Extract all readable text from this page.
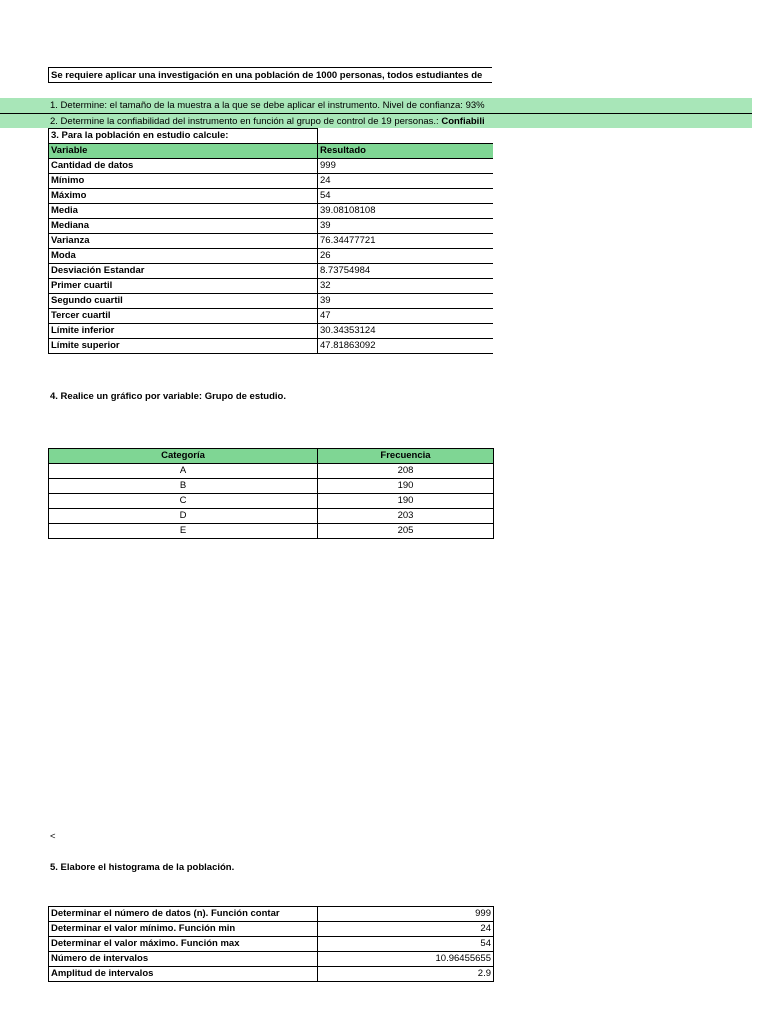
Se requiere aplicar una investigación en una población de 1000 personas, todos estudiantes de
1. Determine: el tamaño de la muestra a la que se debe aplicar el instrumento. Nivel de confianza: 93%
2. Determine la confiabilidad del instrumento en función al grupo de control de 19 personas.: Confiabili
3. Para la población en estudio calcule:	
Variable	Resultado
Cantidad de datos	999
Mínimo	24
Máximo	54
Media	39.08108108
Mediana	39
Varianza	76.34477721
Moda	26
Desviación Estandar	8.73754984
Primer cuartil	32
Segundo cuartil	39
Tercer cuartil	47
Límite inferior	30.34353124
Límite superior	47.81863092
4. Realice un gráfico por variable: Grupo de estudio.
Categoría	Frecuencia
A	208
B	190
C	190
D	203
E	205
<
5. Elabore el histograma de la población.
Determinar el número de datos (n). Función contar	999
Determinar el valor mínimo. Función min	24
Determinar el valor máximo. Función max	54
Número de intervalos	10.96455655
Amplitud de intervalos	2.9
